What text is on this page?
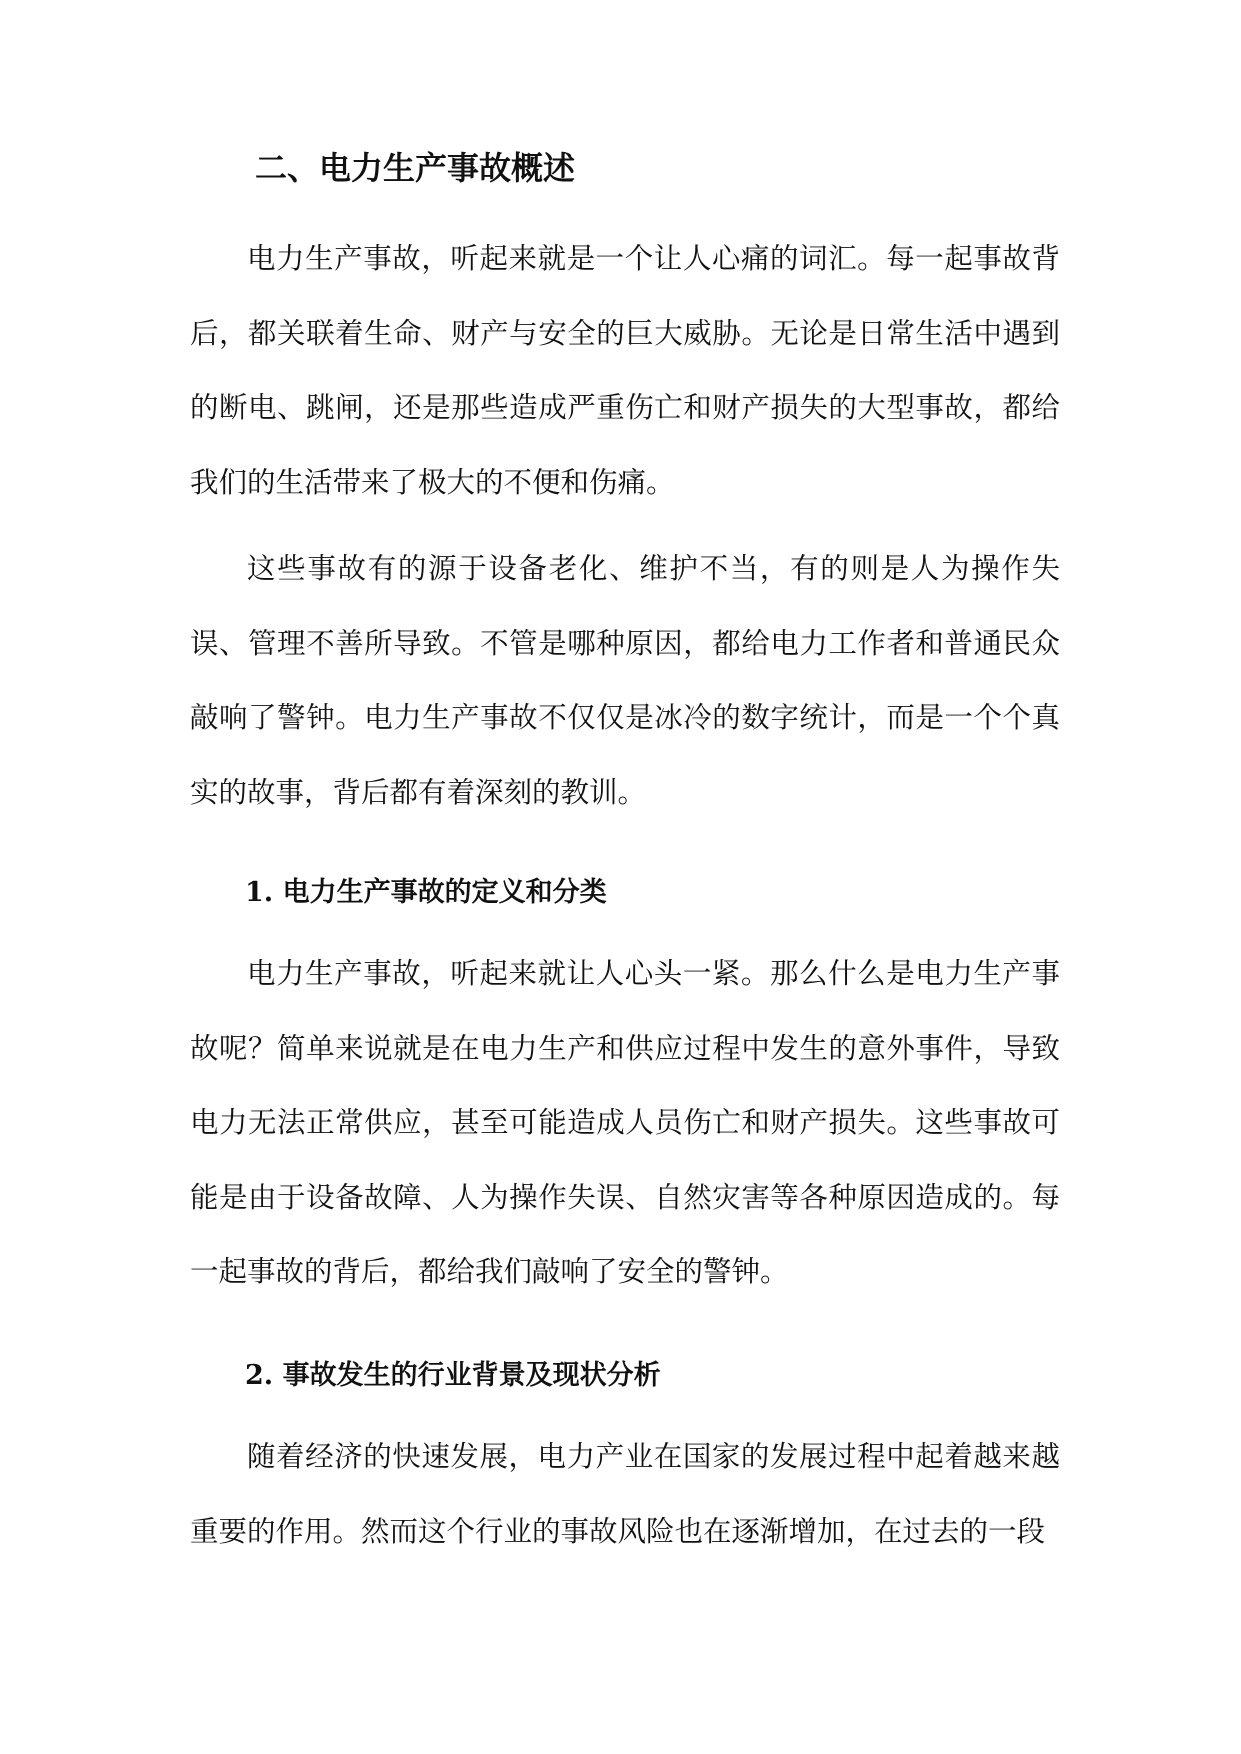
二、电力生产事故概述

电力生产事故，听起来就是一个让人心痛的词汇。每一起事故背后，都关联着生命、财产与安全的巨大威胁。无论是日常生活中遇到的断电、跳闸，还是那些造成严重伤亡和财产损失的大型事故，都给我们的生活带来了极大的不便和伤痛。

这些事故有的源于设备老化、维护不当，有的则是人为操作失误、管理不善所导致。不管是哪种原因，都给电力工作者和普通民众敲响了警钟。电力生产事故不仅仅是冰冷的数字统计，而是一个个真实的故事，背后都有着深刻的教训。

1. 电力生产事故的定义和分类

电力生产事故，听起来就让人心头一紧。那么什么是电力生产事故呢？简单来说就是在电力生产和供应过程中发生的意外事件，导致电力无法正常供应，甚至可能造成人员伤亡和财产损失。这些事故可能是由于设备故障、人为操作失误、自然灾害等各种原因造成的。每一起事故的背后，都给我们敲响了安全的警钟。

2. 事故发生的行业背景及现状分析

随着经济的快速发展，电力产业在国家的发展过程中起着越来越重要的作用。然而这个行业的事故风险也在逐渐增加，在过去的一段
